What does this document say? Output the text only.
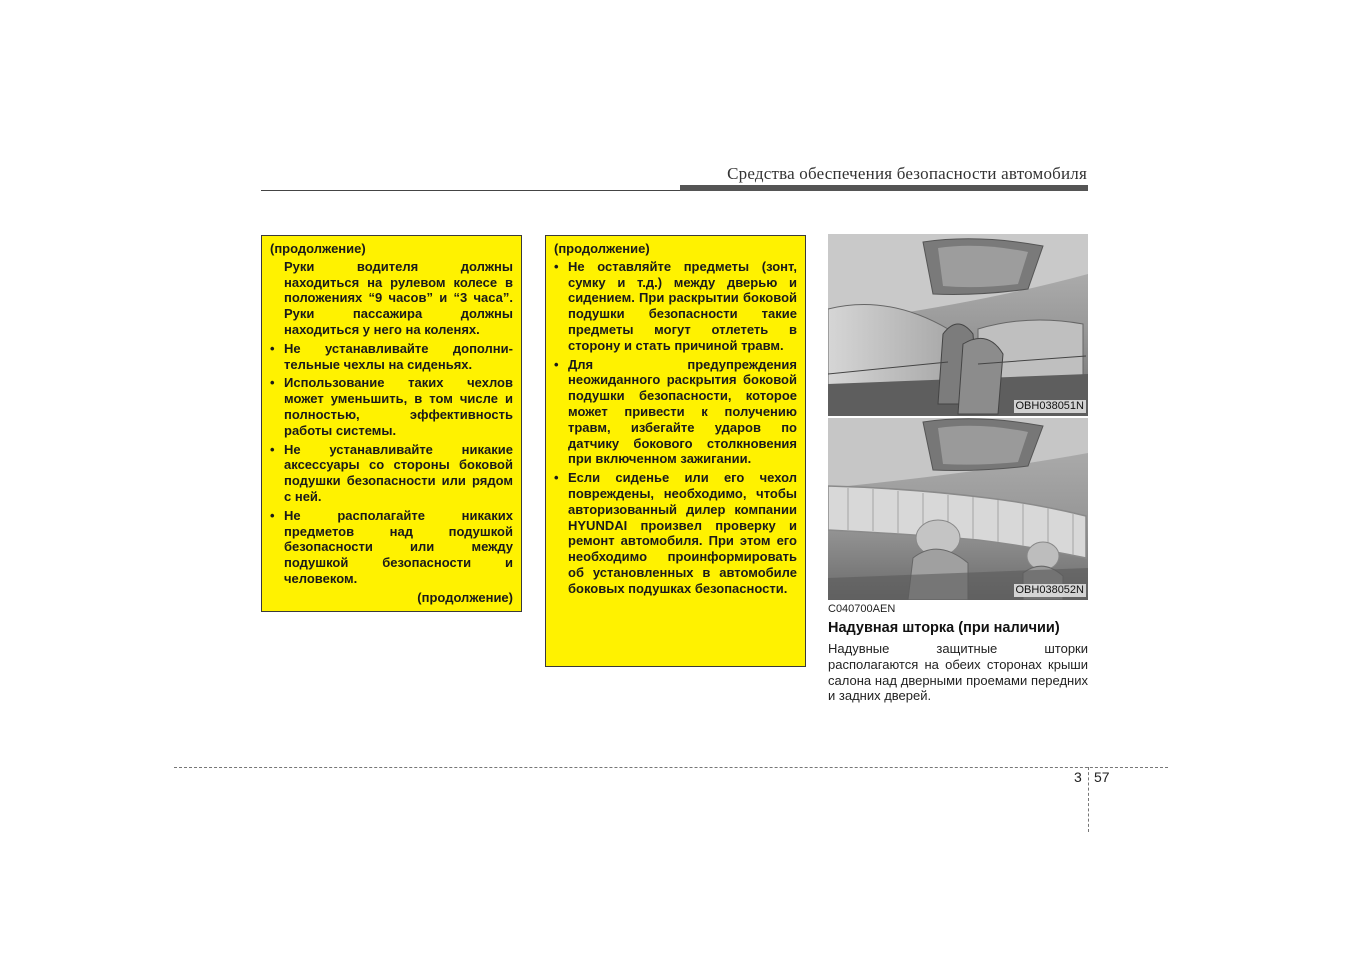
Средства обеспечения безопасности автомобиля
(продолжение)
Руки водителя должны находиться на рулевом колесе в положениях “9 часов” и “3 часа”. Руки пассажира должны находиться у него на коленях.
• Не устанавливайте дополнительные чехлы на сиденьях.
• Использование таких чехлов может уменьшить, в том числе и полностью, эффективность работы системы.
• Не устанавливайте никакие аксессуары со стороны боковой подушки безопасности или рядом с ней.
• Не располагайте никаких предметов над подушкой безопасности или между подушкой безопасности и человеком.
(продолжение)
(продолжение)
• Не оставляйте предметы (зонт, сумку и т.д.) между дверью и сидением. При раскрытии боковой подушки безопасности такие предметы могут отлететь в сторону и стать причиной травм.
• Для предупреждения неожиданного раскрытия боковой подушки безопасности, которое может привести к получению травм, избегайте ударов по датчику бокового столкновения при включенном зажигании.
• Если сиденье или его чехол повреждены, необходимо, чтобы авторизованный дилер компании HYUNDAI произвел проверку и ремонт автомобиля. При этом его необходимо проинформировать об установленных в автомобиле боковых подушках безопасности.
OBH038051N
OBH038052N
C040700AEN
Надувная шторка (при наличии)
Надувные защитные шторки располагаются на обеих сторонах крыши салона над дверными проемами передних и задних дверей.
3 57
